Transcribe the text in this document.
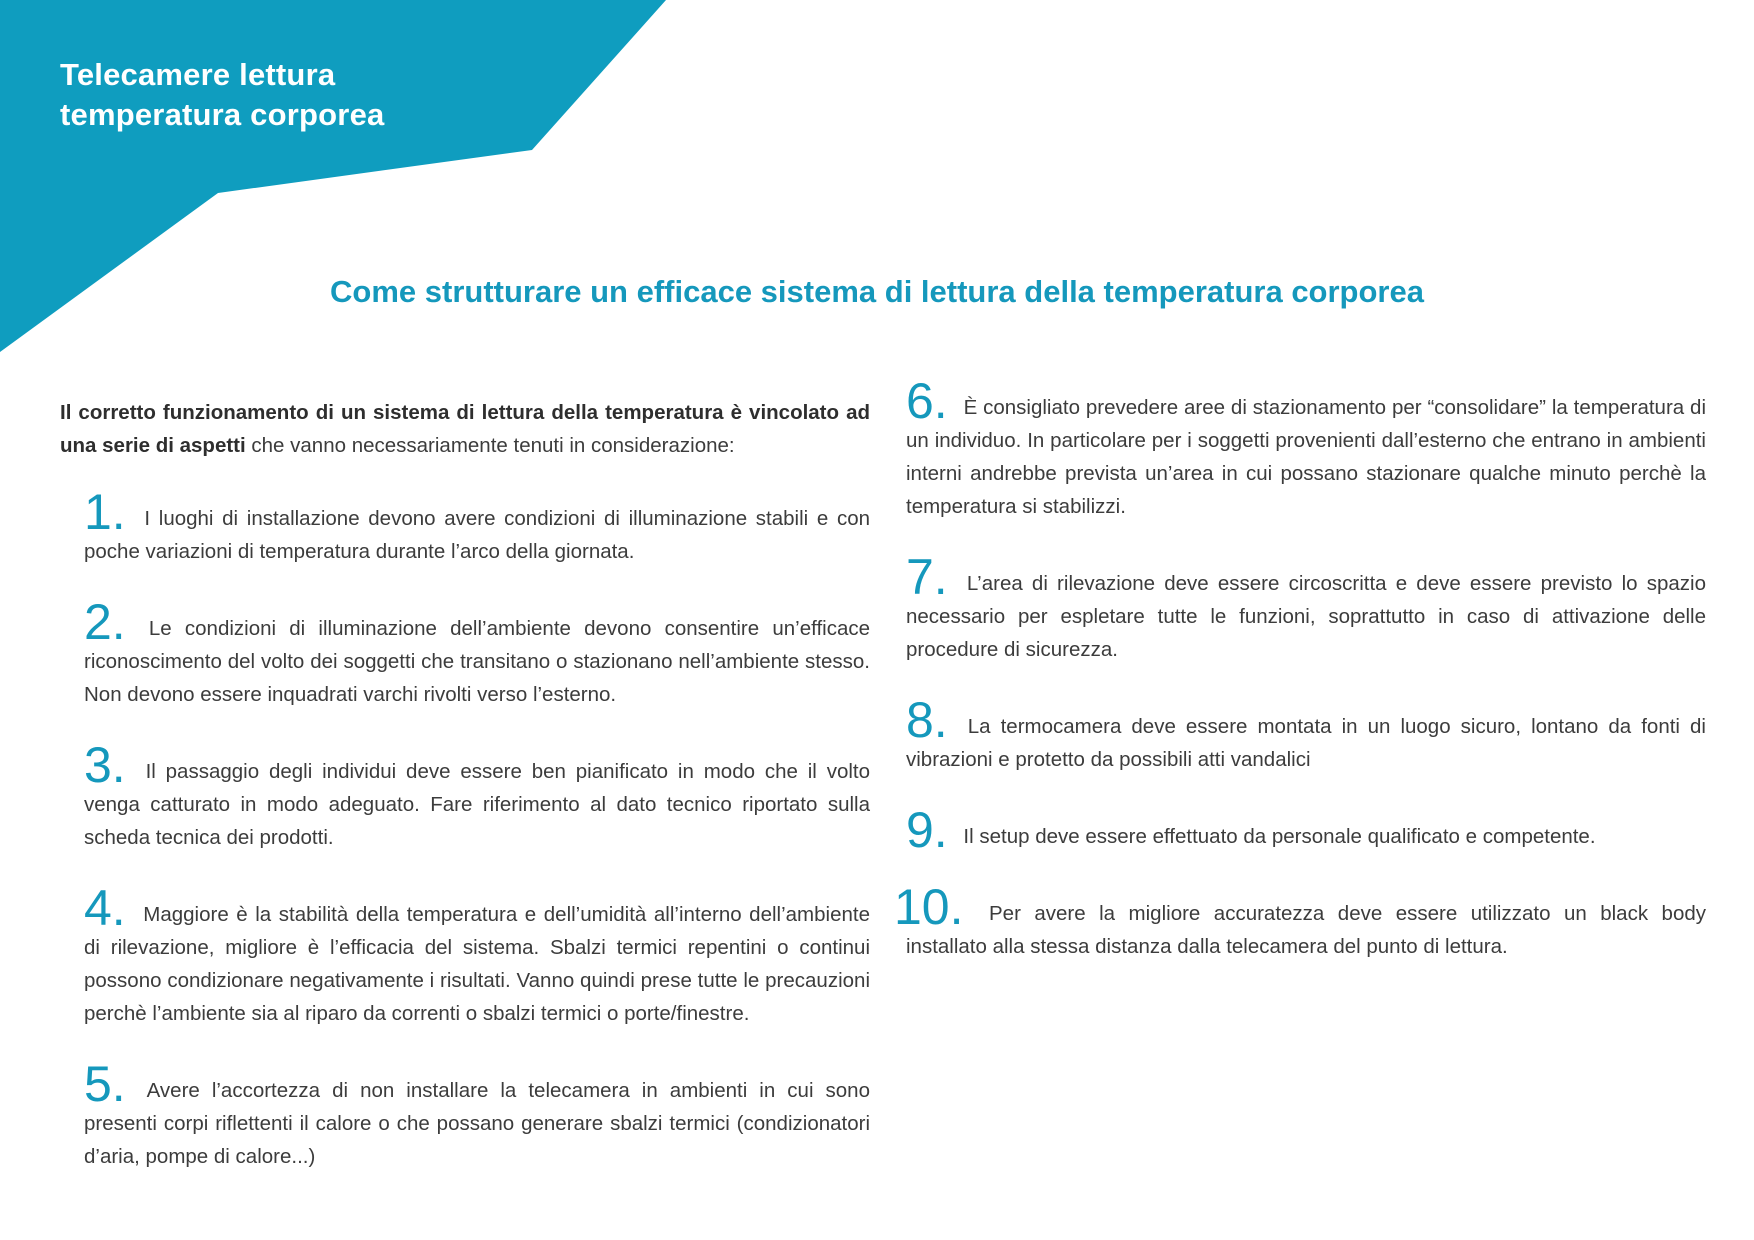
Telecamere lettura
temperatura corporea
Come strutturare un efficace sistema di lettura della temperatura corporea

Il corretto funzionamento di un sistema di lettura della temperatura è vincolato ad una serie di aspetti che vanno necessariamente tenuti in considerazione:

1. I luoghi di installazione devono avere condizioni di illuminazione stabili e con poche variazioni di temperatura durante l’arco della giornata.

2. Le condizioni di illuminazione dell’ambiente devono consentire un’efficace riconoscimento del volto dei soggetti che transitano o stazionano nell’ambiente stesso. Non devono essere inquadrati varchi rivolti verso l’esterno.

3. Il passaggio degli individui deve essere ben pianificato in modo che il volto venga catturato in modo adeguato. Fare riferimento al dato tecnico riportato sulla scheda tecnica dei prodotti.

4. Maggiore è la stabilità della temperatura e dell’umidità all’interno dell’ambiente di rilevazione, migliore è l’efficacia del sistema. Sbalzi termici repentini o continui possono condizionare negativamente i risultati. Vanno quindi prese tutte le precauzioni perchè l’ambiente sia al riparo da correnti o sbalzi termici o porte/finestre.

5. Avere l’accortezza di non installare la telecamera in ambienti in cui sono presenti corpi riflettenti il calore o che possano generare sbalzi termici (condizionatori d’aria, pompe di calore...)

6. È consigliato prevedere aree di stazionamento per “consolidare” la temperatura di un individuo. In particolare per i soggetti provenienti dall’esterno che entrano in ambienti interni andrebbe prevista un’area in cui possano stazionare qualche minuto perchè la temperatura si stabilizzi.

7. L’area di rilevazione deve essere circoscritta e deve essere previsto lo spazio necessario per espletare tutte le funzioni, soprattutto in caso di attivazione delle procedure di sicurezza.

8. La termocamera deve essere montata in un luogo sicuro, lontano da fonti di vibrazioni e protetto da possibili atti vandalici

9. Il setup deve essere effettuato da personale qualificato e competente.

10. Per avere la migliore accuratezza deve essere utilizzato un black body installato alla stessa distanza dalla telecamera del punto di lettura.
